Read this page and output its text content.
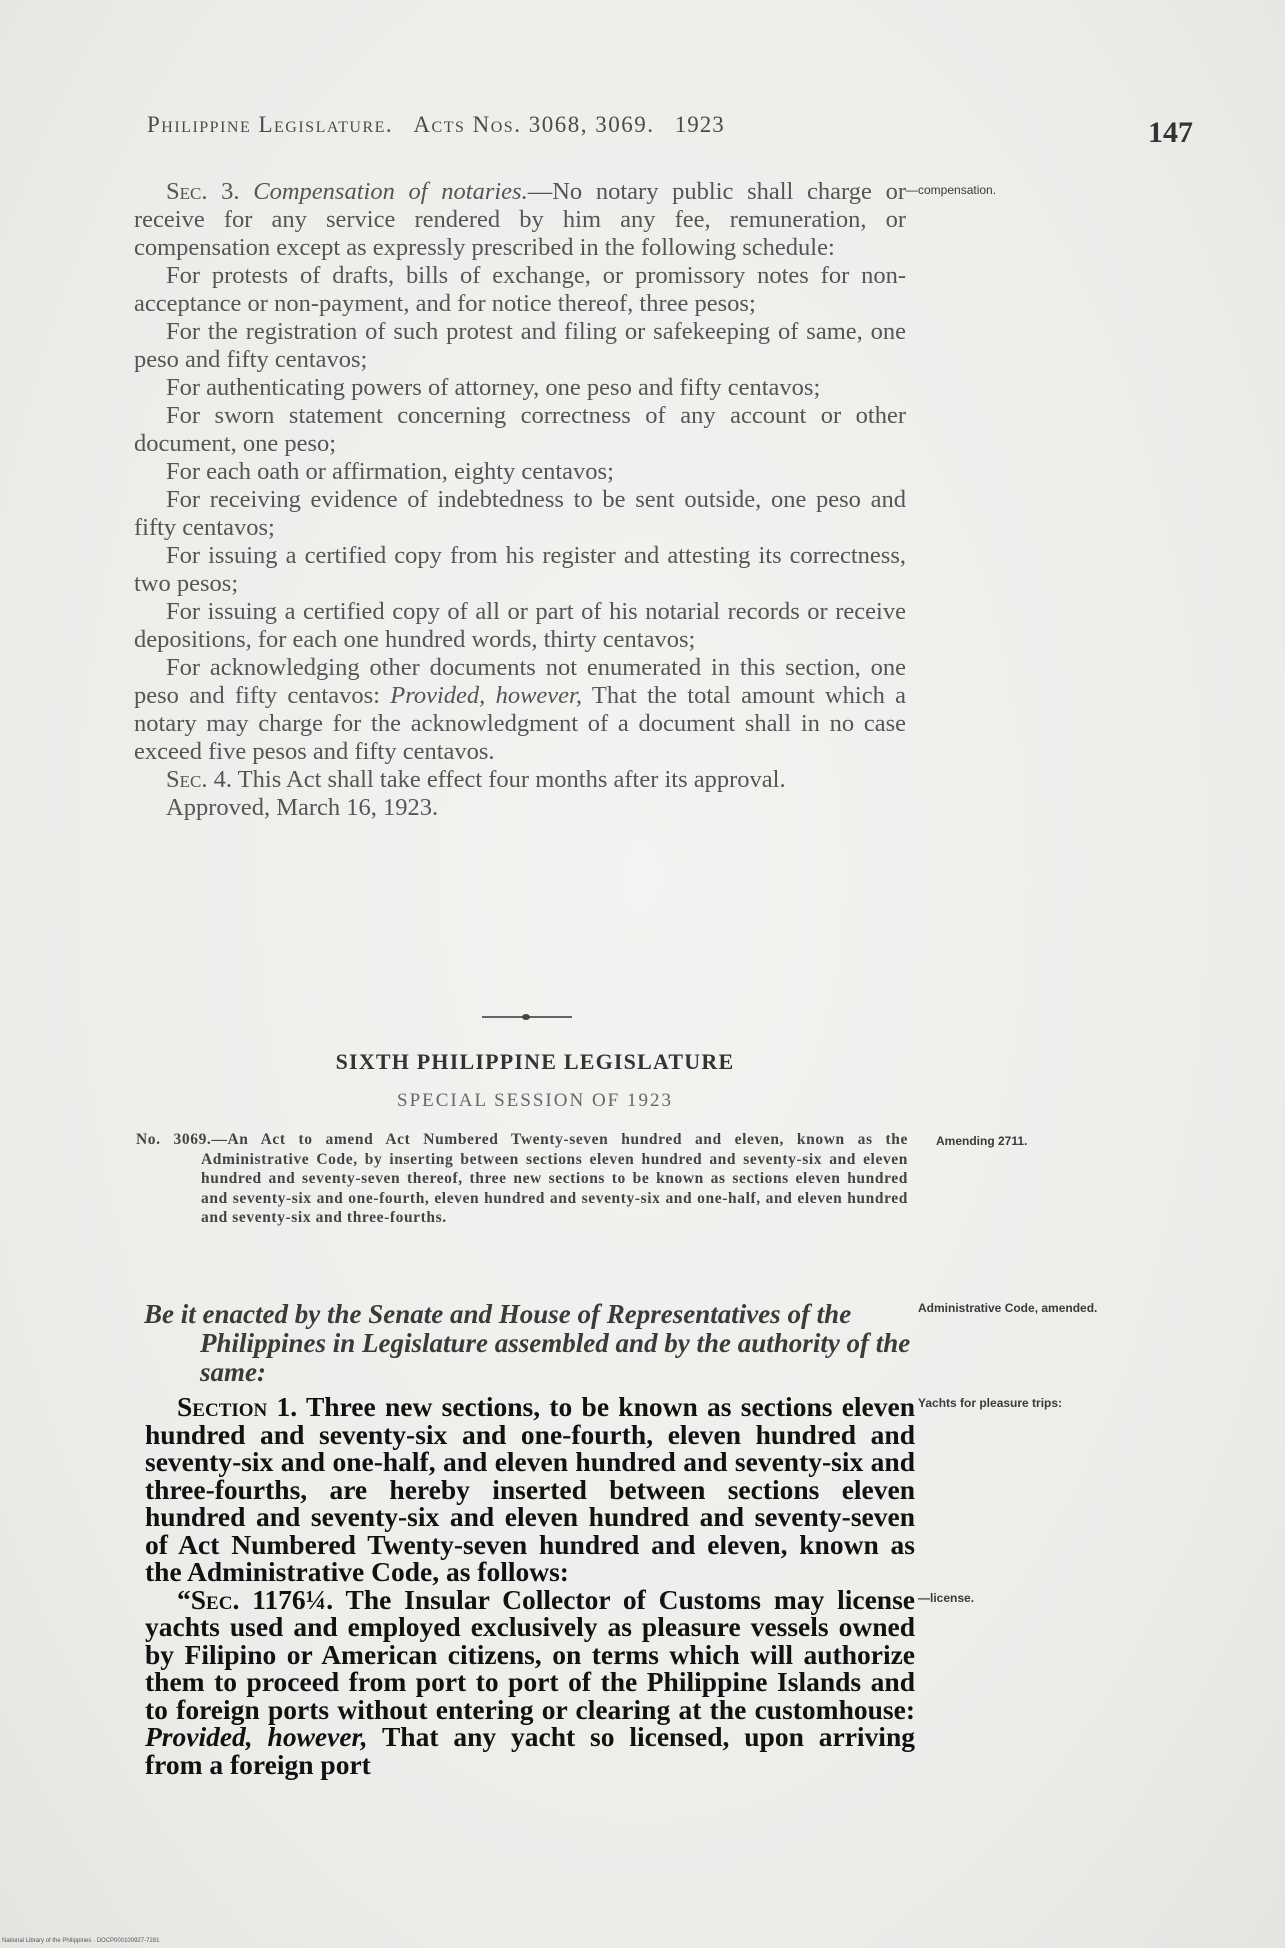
Philippine Legislature. Acts Nos. 3068, 3069. 1923	147

Sec. 3. Compensation of notaries.—No notary public shall charge or receive for any service rendered by him any fee, remuneration, or compensation except as expressly prescribed in the following schedule:

For protests of drafts, bills of exchange, or promissory notes for non-acceptance or non-payment, and for notice thereof, three pesos;

For the registration of such protest and filing or safekeeping of same, one peso and fifty centavos;

For authenticating powers of attorney, one peso and fifty centavos;

For sworn statement concerning correctness of any account or other document, one peso;

For each oath or affirmation, eighty centavos;

For receiving evidence of indebtedness to be sent outside, one peso and fifty centavos;

For issuing a certified copy from his register and attesting its correctness, two pesos;

For issuing a certified copy of all or part of his notarial records or receive depositions, for each one hundred words, thirty centavos;

For acknowledging other documents not enumerated in this section, one peso and fifty centavos: Provided, however, That the total amount which a notary may charge for the acknowledgment of a document shall in no case exceed five pesos and fifty centavos.

Sec. 4. This Act shall take effect four months after its approval.

Approved, March 16, 1923.

—compensation.
SIXTH PHILIPPINE LEGISLATURE
SPECIAL SESSION OF 1923
No. 3069.—An Act to amend Act Numbered Twenty-seven hundred and eleven, known as the Administrative Code, by inserting between sections eleven hundred and seventy-six and eleven hundred and seventy-seven thereof, three new sections to be known as sections eleven hundred and seventy-six and one-fourth, eleven hundred and seventy-six and one-half, and eleven hundred and seventy-six and three-fourths.
Amending 2711.
Be it enacted by the Senate and House of Representatives of the Philippines in Legislature assembled and by the authority of the same:
Administrative Code, amended.

Section 1. Three new sections, to be known as sections eleven hundred and seventy-six and one-fourth, eleven hundred and seventy-six and one-half, and eleven hundred and seventy-six and three-fourths, are hereby inserted between sections eleven hundred and seventy-six and eleven hundred and seventy-seven of Act Numbered Twenty-seven hundred and eleven, known as the Administrative Code, as follows:

“Sec. 1176¼. The Insular Collector of Customs may license yachts used and employed exclusively as pleasure vessels owned by Filipino or American citizens, on terms which will authorize them to proceed from port to port of the Philippine Islands and to foreign ports without entering or clearing at the customhouse: Provided, however, That any yacht so licensed, upon arriving from a foreign port

Yachts for pleasure trips:
—license.
National Library of the Philippines · DOCP000100927-7281
